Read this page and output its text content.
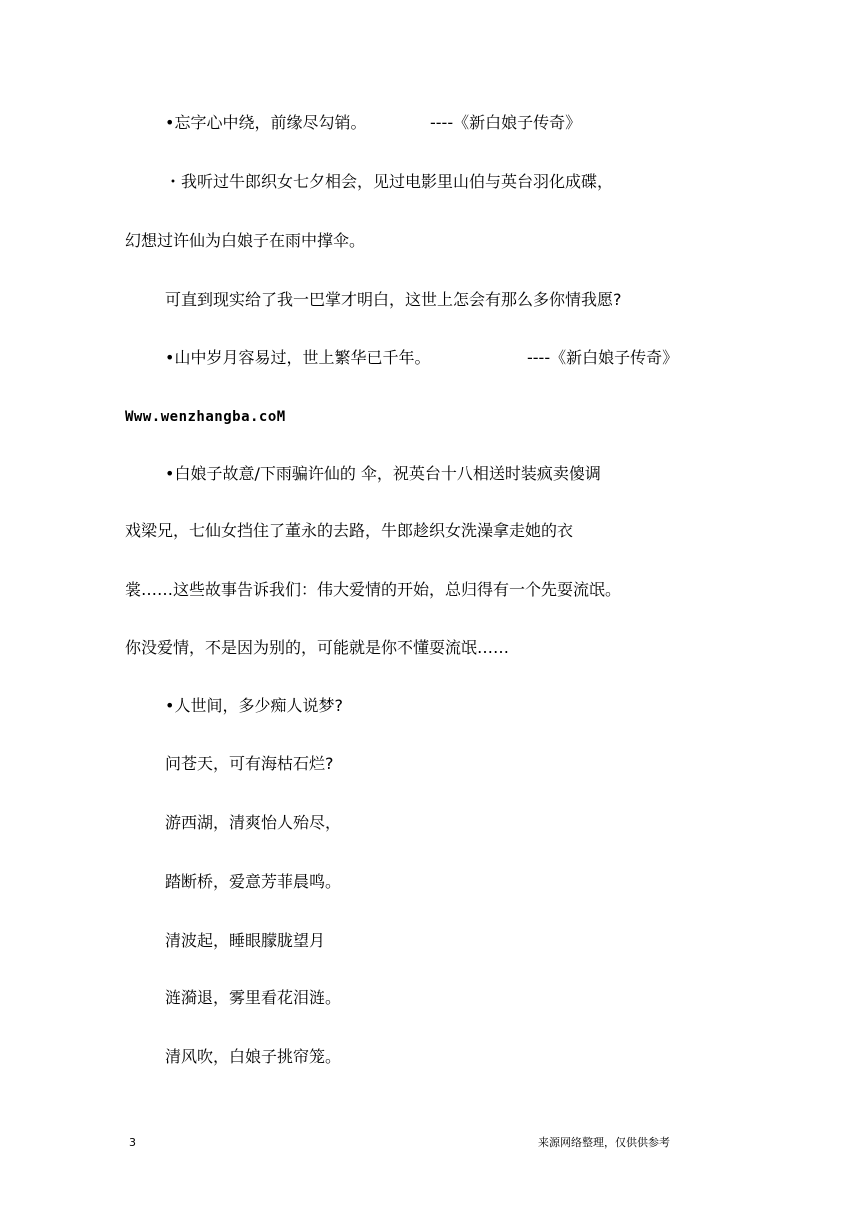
•忘字心中绕，前缘尽勾销。	----《新白娘子传奇》
・我听过牛郎织女七夕相会，见过电影里山伯与英台羽化成碟，
幻想过许仙为白娘子在雨中撑伞。
可直到现实给了我一巴掌才明白，这世上怎会有那么多你情我愿?
•山中岁月容易过，世上繁华已千年。	----《新白娘子传奇》
Www.wenzhangba.coM
•白娘子故意/下雨骗许仙的 伞，祝英台十八相送时装疯卖傻调
戏梁兄，七仙女挡住了董永的去路，牛郎趁织女洗澡拿走她的衣
裳……这些故事告诉我们：伟大爱情的开始，总归得有一个先耍流氓。
你没爱情，不是因为别的，可能就是你不懂耍流氓……
•人世间，多少痴人说梦?
问苍天，可有海枯石烂?
游西湖，清爽怡人殆尽，
踏断桥，爱意芳菲晨鸣。
清波起，睡眼朦胧望月
涟漪退，雾里看花泪涟。
清风吹，白娘子挑帘笼。
3	来源网络整理，仅供供参考
